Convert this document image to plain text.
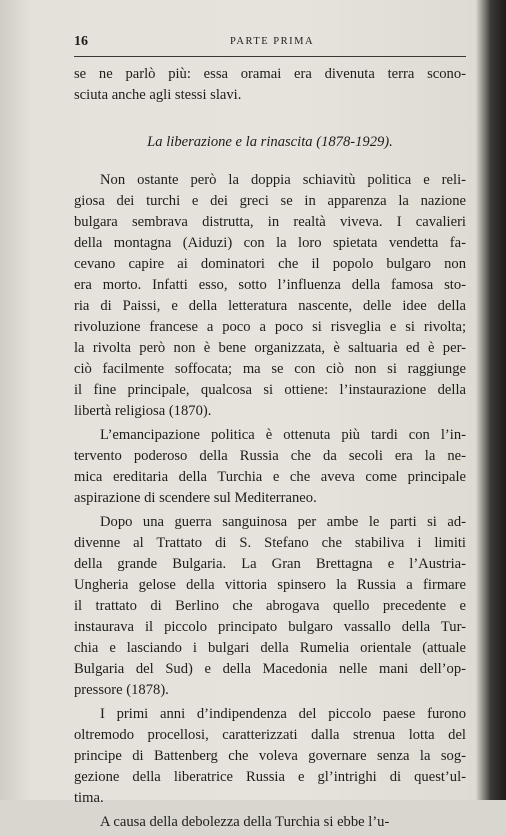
16	PARTE PRIMA
se ne parlò più: essa oramai era divenuta terra scono-
sciuta anche agli stessi slavi.
La liberazione e la rinascita (1878-1929).
Non ostante però la doppia schiavitù politica e reli-
giosa dei turchi e dei greci se in apparenza la nazione
bulgara sembrava distrutta, in realtà viveva. I cavalieri
della montagna (Aiduzi) con la loro spietata vendetta fa-
cevano capire ai dominatori che il popolo bulgaro non
era morto. Infatti esso, sotto l’influenza della famosa sto-
ria di Paissi, e della letteratura nascente, delle idee della
rivoluzione francese a poco a poco si risveglia e si rivolta;
la rivolta però non è bene organizzata, è saltuaria ed è per-
ciò facilmente soffocata; ma se con ciò non si raggiunge
il fine principale, qualcosa si ottiene: l’instaurazione della
libertà religiosa (1870).
L’emancipazione politica è ottenuta più tardi con l’in-
tervento poderoso della Russia che da secoli era la ne-
mica ereditaria della Turchia e che aveva come principale
aspirazione di scendere sul Mediterraneo.
Dopo una guerra sanguinosa per ambe le parti si ad-
divenne al Trattato di S. Stefano che stabiliva i limiti
della grande Bulgaria. La Gran Brettagna e l’Austria-
Ungheria gelose della vittoria spinsero la Russia a firmare
il trattato di Berlino che abrogava quello precedente e
instaurava il piccolo principato bulgaro vassallo della Tur-
chia e lasciando i bulgari della Rumelia orientale (attuale
Bulgaria del Sud) e della Macedonia nelle mani dell’op-
pressore (1878).
I primi anni d’indipendenza del piccolo paese furono
oltremodo procellosi, caratterizzati dalla strenua lotta del
principe di Battenberg che voleva governare senza la sog-
gezione della liberatrice Russia e gl’intrighi di quest’ul-
tima.
A causa della debolezza della Turchia si ebbe l’u-
